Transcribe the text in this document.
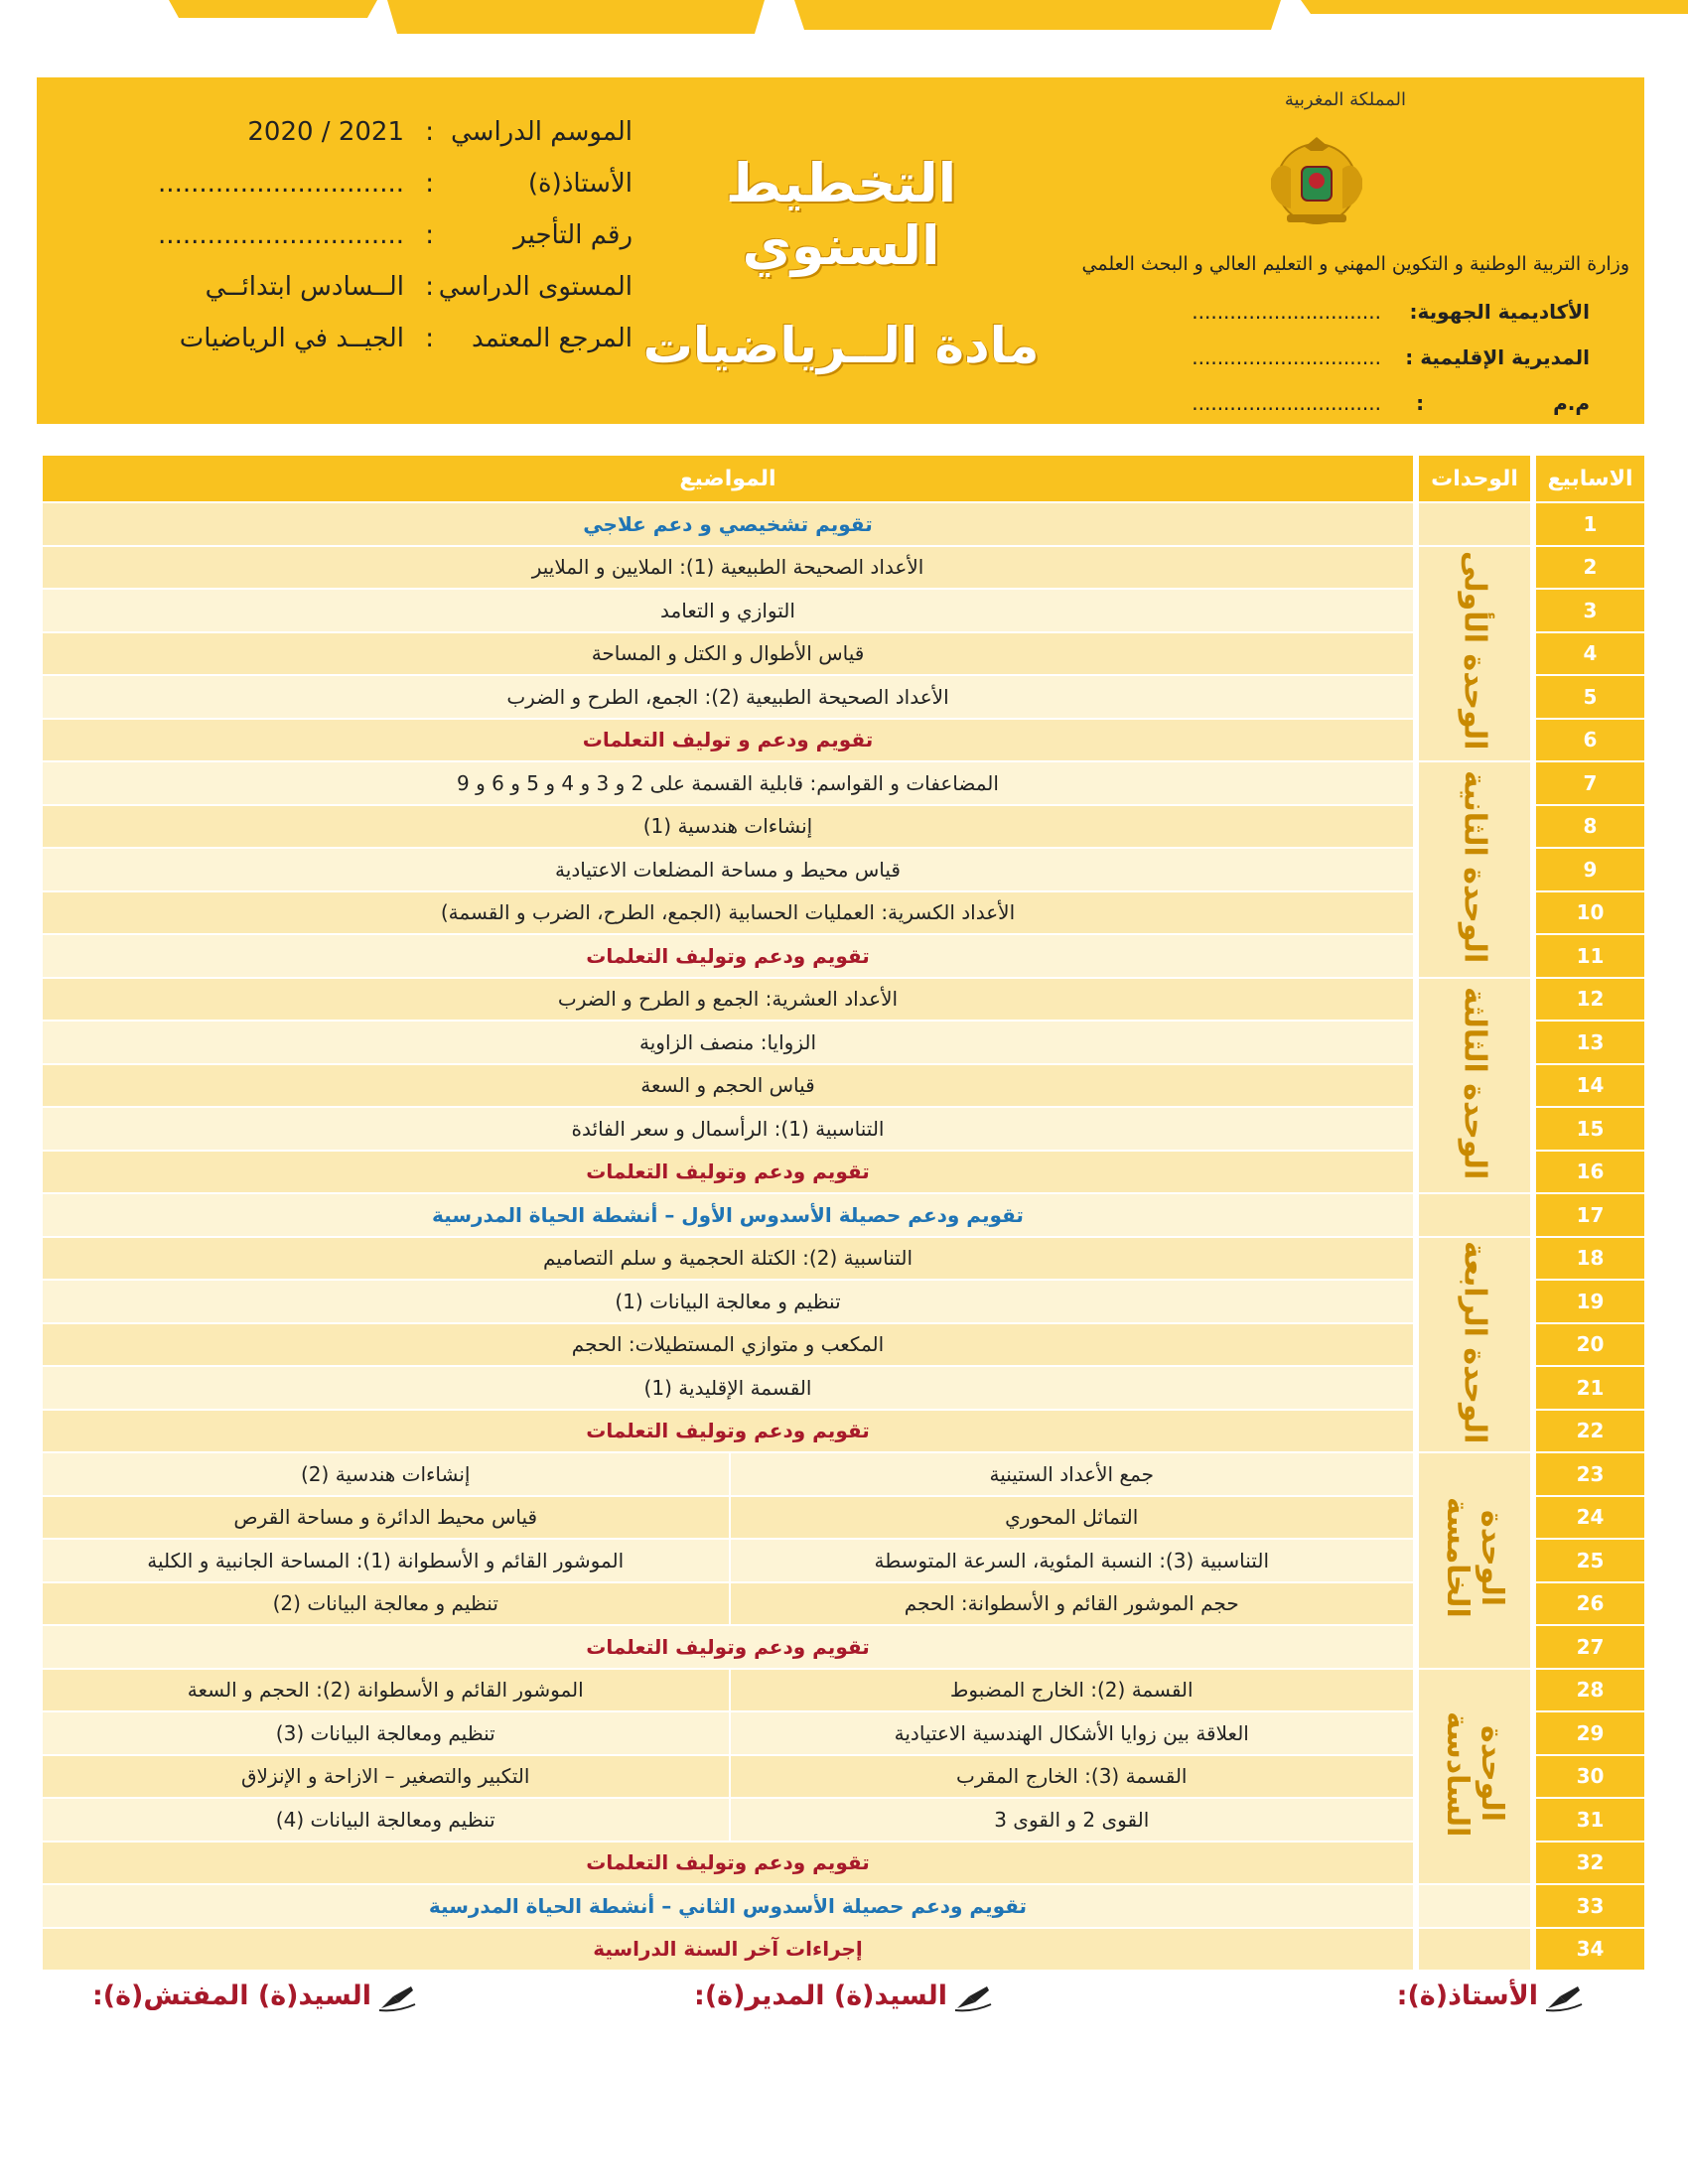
المملكة المغربية
وزارة التربية الوطنية و التكوين المهني و التعليم العالي و البحث العلمي
الأكاديمية الجهوية:..............................
المديرية الإقليمية :..............................
م.م:..............................
التخطيط السنوي
مادة الــرياضيات
الموسم الدراسي
:
2021 / 2020
الأستاذ(ة)
:
..............................
رقم التأجير
:
..............................
المستوى الدراسي
:
الــسادس ابتدائــي
المرجع المعتمد
:
الجيــد في الرياضيات
الاسابيع	الوحدات	المواضيع	
1		تقويم تشخيصي و دعم علاجي	
2	الوحدة الأولى	الأعداد الصحيحة الطبيعية (1): الملايين و الملايير	
3		التوازي و التعامد	
4		قياس الأطوال و الكتل و المساحة	
5		الأعداد الصحيحة الطبيعية (2): الجمع، الطرح و الضرب	
6		تقويم ودعم و توليف التعلمات	
7	الوحدة الثانية	المضاعفات و القواسم: قابلية القسمة على 2 و 3 و 4 و 5 و 6 و 9	
8		إنشاءات هندسية (1)	
9		قياس محيط و مساحة المضلعات الاعتيادية	
10		الأعداد الكسرية: العمليات الحسابية (الجمع، الطرح، الضرب و القسمة)	
11		تقويم ودعم وتوليف التعلمات	
12	الوحدة الثالثة	الأعداد العشرية: الجمع و الطرح و الضرب	
13		الزوايا: منصف الزاوية	
14		قياس الحجم و السعة	
15		التناسبية (1): الرأسمال و سعر الفائدة	
16		تقويم ودعم وتوليف التعلمات	
17		تقويم ودعم حصيلة الأسدوس الأول – أنشطة الحياة المدرسية	
18	الوحدة الرابعة	التناسبية (2): الكتلة الحجمية و سلم التصاميم	
19		تنظيم و معالجة البيانات (1)	
20		المكعب و متوازي المستطيلات: الحجم	
21		القسمة الإقليدية (1)	
22		تقويم ودعم وتوليف التعلمات	
23	الوحدة الخامسة	جمع الأعداد الستينية	إنشاءات هندسية (2)
24		التماثل المحوري	قياس محيط الدائرة و مساحة القرص
25		التناسبية (3): النسبة المئوية، السرعة المتوسطة	الموشور القائم و الأسطوانة (1): المساحة الجانبية و الكلية
26		حجم الموشور القائم و الأسطوانة: الحجم	تنظيم و معالجة البيانات (2)
27		تقويم ودعم وتوليف التعلمات	
28	الوحدة السادسة	القسمة (2): الخارج المضبوط	الموشور القائم و الأسطوانة (2): الحجم و السعة
29		العلاقة بين زوايا الأشكال الهندسية الاعتيادية	تنظيم ومعالجة البيانات (3)
30		القسمة (3): الخارج المقرب	التكبير والتصغير – الازاحة و الإنزلاق
31		القوى 2 و القوى 3	تنظيم ومعالجة البيانات (4)
32		تقويم ودعم وتوليف التعلمات	
33		تقويم ودعم حصيلة الأسدوس الثاني – أنشطة الحياة المدرسية	
34		إجراءات آخر السنة الدراسية	
الأستاذ(ة):
السيد(ة) المدير(ة):
السيد(ة) المفتش(ة):
